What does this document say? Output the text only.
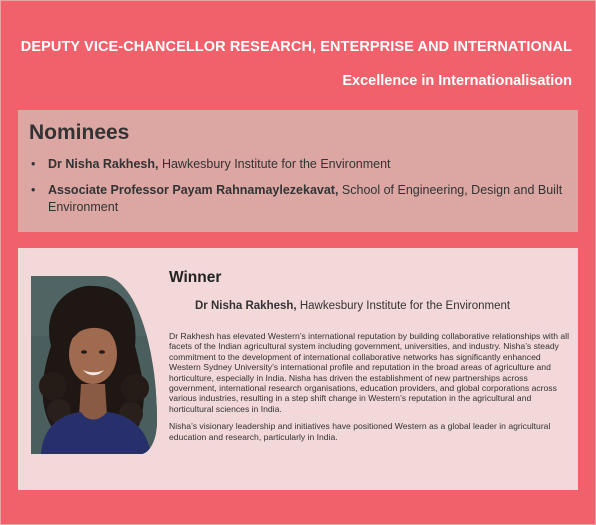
DEPUTY VICE-CHANCELLOR RESEARCH, ENTERPRISE AND INTERNATIONAL
Excellence in Internationalisation
Nominees
• Dr Nisha Rakhesh, Hawkesbury Institute for the Environment
• Associate Professor Payam Rahnamaylezekavat, School of Engineering, Design and Built Environment
Winner
Dr Nisha Rakhesh, Hawkesbury Institute for the Environment

Dr Rakhesh has elevated Western’s international reputation by building collaborative relationships with all facets of the Indian agricultural system including government, universities, and industry. Nisha’s steady commitment to the development of international collaborative networks has significantly enhanced Western Sydney University’s international profile and reputation in the broad areas of agriculture and horticulture, especially in India. Nisha has driven the establishment of new partnerships across government, international research organisations, education providers, and global corporations across various industries, resulting in a step shift change in Western’s reputation in the agricultural and horticultural sciences in India.

Nisha’s visionary leadership and initiatives have positioned Western as a global leader in agricultural education and research, particularly in India.
